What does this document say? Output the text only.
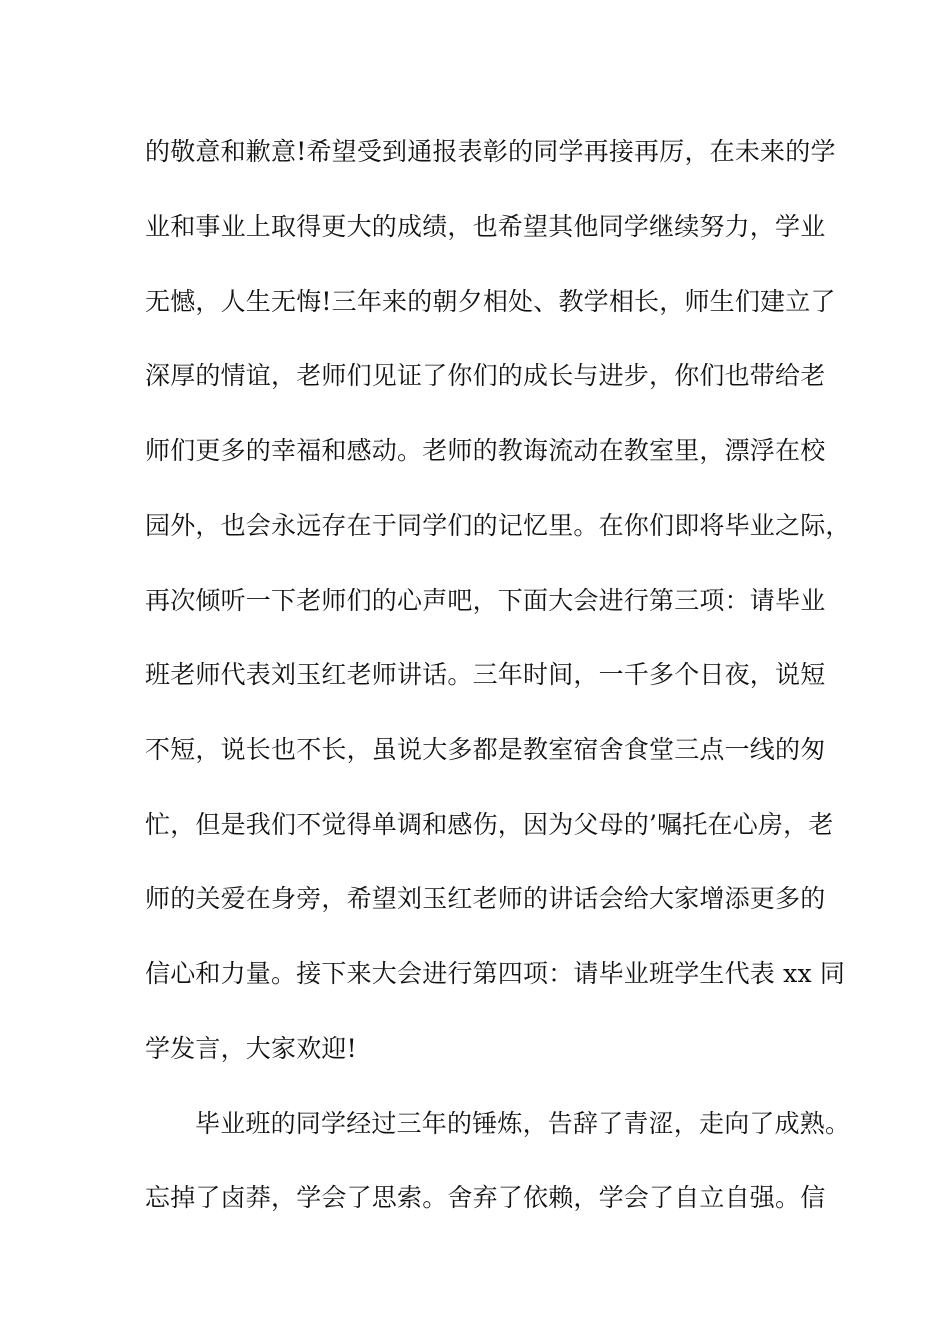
的敬意和歉意!希望受到通报表彰的同学再接再厉，在未来的学
业和事业上取得更大的成绩，也希望其他同学继续努力，学业
无憾，人生无悔!三年来的朝夕相处、教学相长，师生们建立了
深厚的情谊，老师们见证了你们的成长与进步，你们也带给老
师们更多的幸福和感动。老师的教诲流动在教室里，漂浮在校
园外，也会永远存在于同学们的记忆里。在你们即将毕业之际，
再次倾听一下老师们的心声吧，下面大会进行第三项：请毕业
班老师代表刘玉红老师讲话。三年时间，一千多个日夜，说短
不短，说长也不长，虽说大多都是教室宿舍食堂三点一线的匆
忙，但是我们不觉得单调和感伤，因为父母的’嘱托在心房，老
师的关爱在身旁，希望刘玉红老师的讲话会给大家增添更多的
信心和力量。接下来大会进行第四项：请毕业班学生代表 xx 同
学发言，大家欢迎!
毕业班的同学经过三年的锤炼，告辞了青涩，走向了成熟。
忘掉了卤莽，学会了思索。舍弃了依赖，学会了自立自强。信
